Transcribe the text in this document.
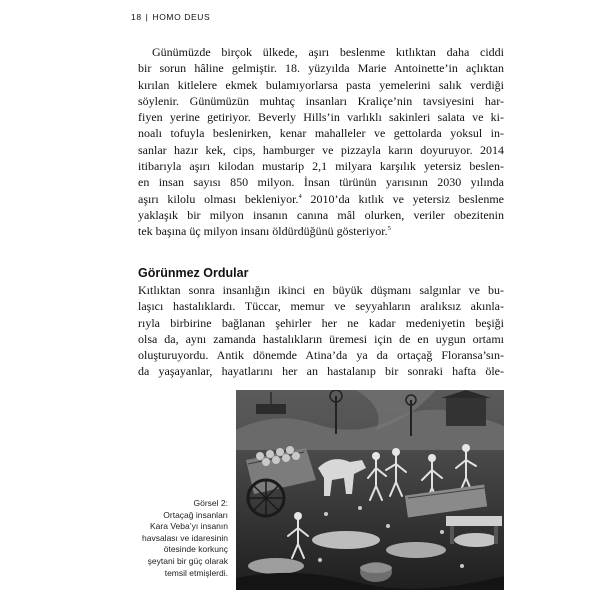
18 | HOMO DEUS
Günümüzde birçok ülkede, aşırı beslenme kıtlıktan daha ciddi
bir sorun hâline gelmiştir. 18. yüzyılda Marie Antoinette’in açlıktan
kırılan kitlelere ekmek bulamıyorlarsa pasta yemelerini salık verdiği
söylenir. Günümüzün muhtaç insanları Kraliçe’nin tavsiyesini har-
fiyen yerine getiriyor. Beverly Hills’in varlıklı sakinleri salata ve ki-
noalı tofuyla beslenirken, kenar mahalleler ve gettolarda yoksul in-
sanlar hazır kek, cips, hamburger ve pizzayla karın doyuruyor. 2014
itibarıyla aşırı kilodan mustarip 2,1 milyara karşılık yetersiz beslen-
en insan sayısı 850 milyon. İnsan türünün yarısının 2030 yılında
aşırı kilolu olması bekleniyor.$^4$ 2010’da kıtlık ve yetersiz beslenme
yaklaşık bir milyon insanın canına mâl olurken, veriler obezitenin
tek başına üç milyon insanı öldürdüğünü gösteriyor.$^5$
Görünmez Ordular
Kıtlıktan sonra insanlığın ikinci en büyük düşmanı salgınlar ve bu-
laşıcı hastalıklardı. Tüccar, memur ve seyyahların aralıksız akınla-
rıyla birbirine bağlanan şehirler her ne kadar medeniyetin beşiği
olsa da, aynı zamanda hastalıkların üremesi için de en uygun ortamı
oluşturuyordu. Antik dönemde Atina’da ya da ortaçağ Floransa’sın-
da yaşayanlar, hayatlarını her an hastalanıp bir sonraki hafta öle-
Görsel 2:
Ortaçağ insanları
Kara Veba’yı insanın
havsalası ve idaresinin
ötesinde korkunç
şeytani bir güç olarak
temsil etmişlerdi.
